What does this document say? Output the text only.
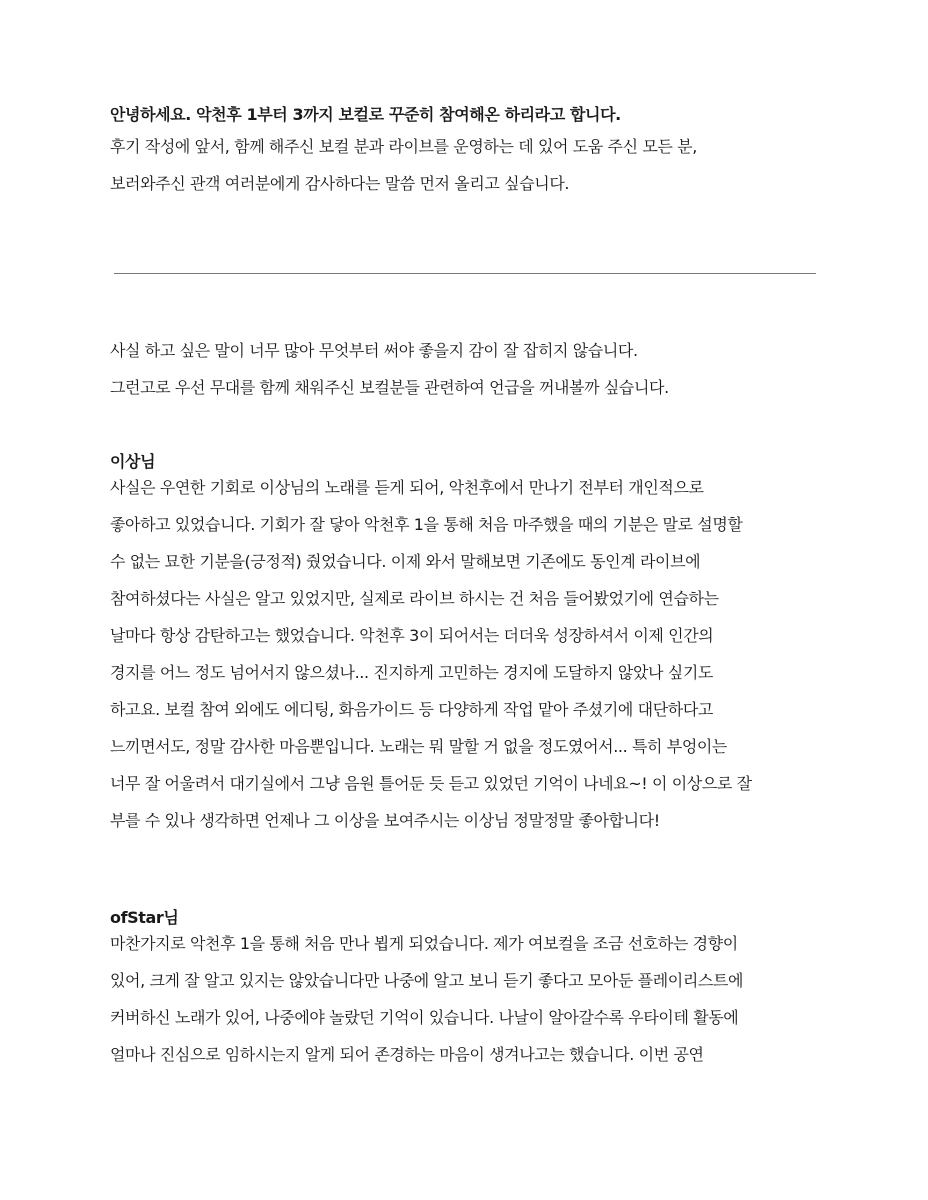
안녕하세요. 악천후 1부터 3까지 보컬로 꾸준히 참여해온 하리라고 합니다.
후기 작성에 앞서, 함께 해주신 보컬 분과 라이브를 운영하는 데 있어 도움 주신 모든 분,
보러와주신 관객 여러분에게 감사하다는 말씀 먼저 올리고 싶습니다.
사실 하고 싶은 말이 너무 많아 무엇부터 써야 좋을지 감이 잘 잡히지 않습니다.
그런고로 우선 무대를 함께 채워주신 보컬분들 관련하여 언급을 꺼내볼까 싶습니다.
이상님
사실은 우연한 기회로 이상님의 노래를 듣게 되어, 악천후에서 만나기 전부터 개인적으로
좋아하고 있었습니다. 기회가 잘 닿아 악천후 1을 통해 처음 마주했을 때의 기분은 말로 설명할
수 없는 묘한 기분을(긍정적) 줬었습니다. 이제 와서 말해보면 기존에도 동인계 라이브에
참여하셨다는 사실은 알고 있었지만, 실제로 라이브 하시는 건 처음 들어봤었기에 연습하는
날마다 항상 감탄하고는 했었습니다. 악천후 3이 되어서는 더더욱 성장하셔서 이제 인간의
경지를 어느 정도 넘어서지 않으셨나... 진지하게 고민하는 경지에 도달하지 않았나 싶기도
하고요. 보컬 참여 외에도 에디팅, 화음가이드 등 다양하게 작업 맡아 주셨기에 대단하다고
느끼면서도, 정말 감사한 마음뿐입니다. 노래는 뭐 말할 거 없을 정도였어서... 특히 부엉이는
너무 잘 어울려서 대기실에서 그냥 음원 틀어둔 듯 듣고 있었던 기억이 나네요~! 이 이상으로 잘
부를 수 있나 생각하면 언제나 그 이상을 보여주시는 이상님 정말정말 좋아합니다!
ofStar님
마찬가지로 악천후 1을 통해 처음 만나 뵙게 되었습니다. 제가 여보컬을 조금 선호하는 경향이
있어, 크게 잘 알고 있지는 않았습니다만 나중에 알고 보니 듣기 좋다고 모아둔 플레이리스트에
커버하신 노래가 있어, 나중에야 놀랐던 기억이 있습니다. 나날이 알아갈수록 우타이테 활동에
얼마나 진심으로 임하시는지 알게 되어 존경하는 마음이 생겨나고는 했습니다. 이번 공연
